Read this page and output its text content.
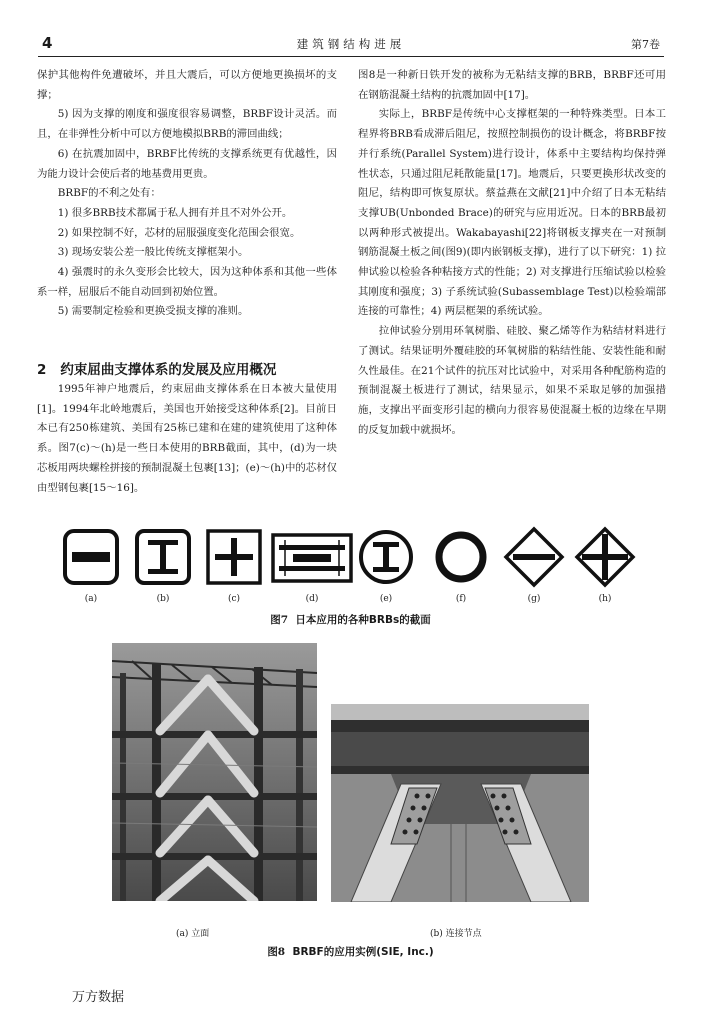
4	建筑钢结构进展	第7卷

保护其他构件免遭破坏，并且大震后，可以方便地更换损坏的支撑；

5) 因为支撑的刚度和强度很容易调整，BRBF设计灵活。而且，在非弹性分析中可以方便地模拟BRB的滞回曲线；

6) 在抗震加固中，BRBF比传统的支撑系统更有优越性，因为能力设计会使后者的地基费用更贵。

BRBF的不利之处有：

1) 很多BRB技术都属于私人拥有并且不对外公开。

2) 如果控制不好，芯材的屈服强度变化范围会很宽。

3) 现场安装公差一般比传统支撑框架小。

4) 强震时的永久变形会比较大，因为这种体系和其他一些体系一样，屈服后不能自动回到初始位置。

5) 需要制定检验和更换受损支撑的准则。

2 约束屈曲支撑体系的发展及应用概况

1995年神户地震后，约束屈曲支撑体系在日本被大量使用[1]。1994年北岭地震后，美国也开始接受这种体系[2]。目前日本已有250栋建筑、美国有25栋已建和在建的建筑使用了这种体系。图7(c)～(h)是一些日本使用的BRB截面，其中，(d)为一块芯板用两块螺栓拼接的预制混凝土包裹[13]；(e)～(h)中的芯材仅由型钢包裹[15～16]。

图8是一种新日铁开发的被称为无粘结支撑的BRB，BRBF还可用在钢筋混凝土结构的抗震加固中[17]。

实际上，BRBF是传统中心支撑框架的一种特殊类型。日本工程界将BRB看成滞后阻尼，按照控制损伤的设计概念，将BRBF按并行系统(Parallel System)进行设计，体系中主要结构均保持弹性状态，只通过阻尼耗散能量[17]。地震后，只要更换形状改变的阻尼，结构即可恢复原状。蔡益燕在文献[21]中介绍了日本无粘结支撑UB(Unbonded Brace)的研究与应用近况。日本的BRB最初以两种形式被提出。Wakabayashi[22]将钢板支撑夹在一对预制钢筋混凝土板之间(图9)(即内嵌钢板支撑)，进行了以下研究：1) 拉伸试验以检验各种粘接方式的性能；2) 对支撑进行压缩试验以检验其刚度和强度；3) 子系统试验(Subassemblage Test)以检验端部连接的可靠性；4) 两层框架的系统试验。

拉伸试验分别用环氧树脂、硅胶、聚乙烯等作为粘结材料进行了测试。结果证明外覆硅胶的环氧树脂的粘结性能、安装性能和耐久性最佳。在21个试件的抗压对比试验中，对采用各种配筋构造的预制混凝土板进行了测试，结果显示，如果不采取足够的加强措施，支撑出平面变形引起的横向力很容易使混凝土板的边缘在早期的反复加载中就损坏。

(a)	(b)	(c)	(d)	(e)	(f)	(g)	(h)
图7 日本应用的各种BRBs的截面
(a) 立面	(b) 连接节点
图8 BRBF的应用实例(SIE, Inc.)
万方数据
